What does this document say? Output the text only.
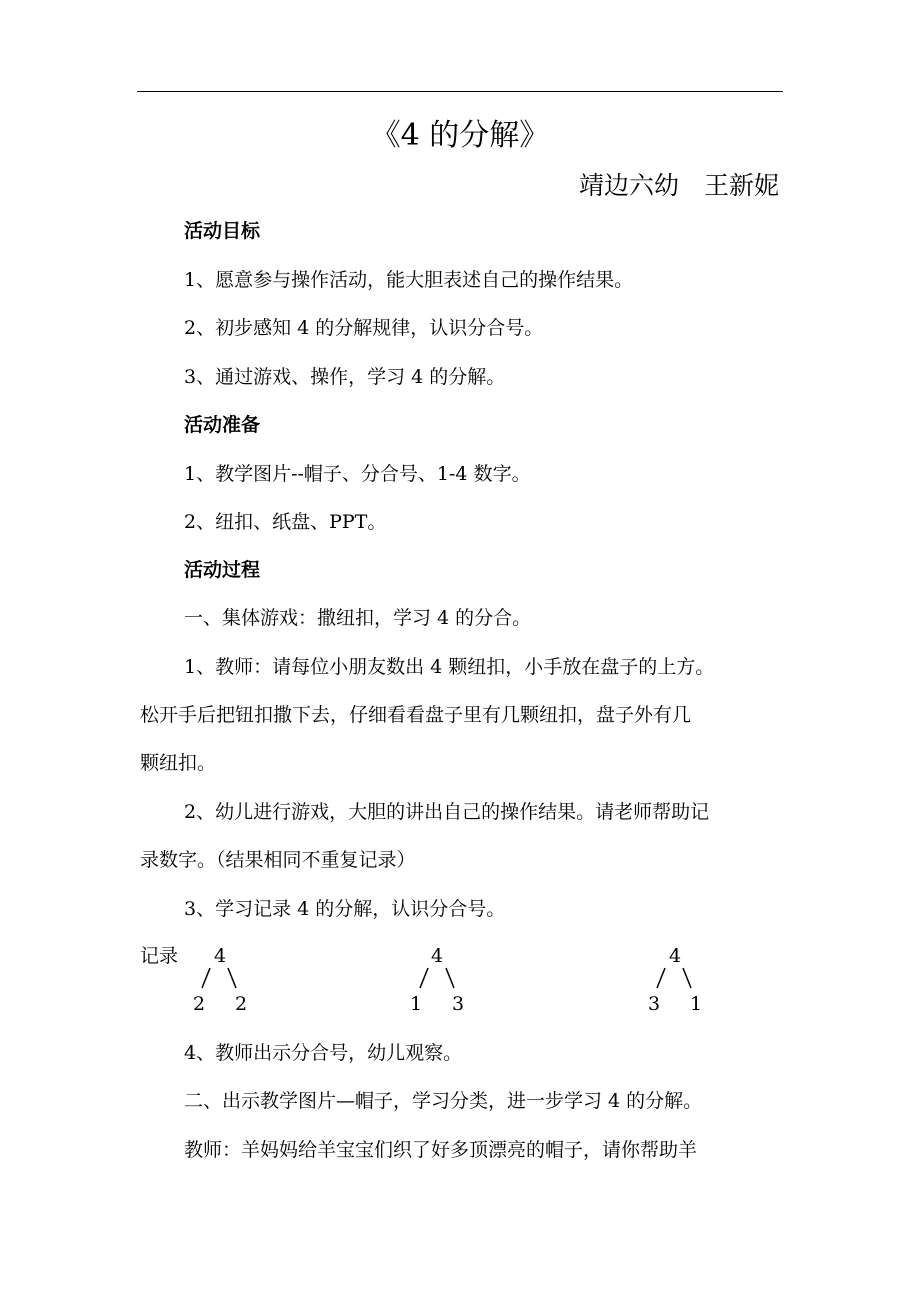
《4 的分解》
靖边六幼　王新妮
活动目标
1、愿意参与操作活动，能大胆表述自己的操作结果。
2、初步感知 4 的分解规律，认识分合号。
3、通过游戏、操作，学习 4 的分解。
活动准备
1、教学图片--帽子、分合号、1-4 数字。
2、纽扣、纸盘、PPT。
活动过程
一、集体游戏：撒纽扣，学习 4 的分合。
1、教师：请每位小朋友数出 4 颗纽扣，小手放在盘子的上方。
松开手后把钮扣撒下去，仔细看看盘子里有几颗纽扣，盘子外有几
颗纽扣。
2、幼儿进行游戏，大胆的讲出自己的操作结果。请老师帮助记
录数字。（结果相同不重复记录）
3、学习记录 4 的分解，认识分合号。
记录 4
2 2
4
1 3
4
3 1
4、教师出示分合号，幼儿观察。
二、出示教学图片—帽子，学习分类，进一步学习 4 的分解。
教师：羊妈妈给羊宝宝们织了好多顶漂亮的帽子，请你帮助羊
